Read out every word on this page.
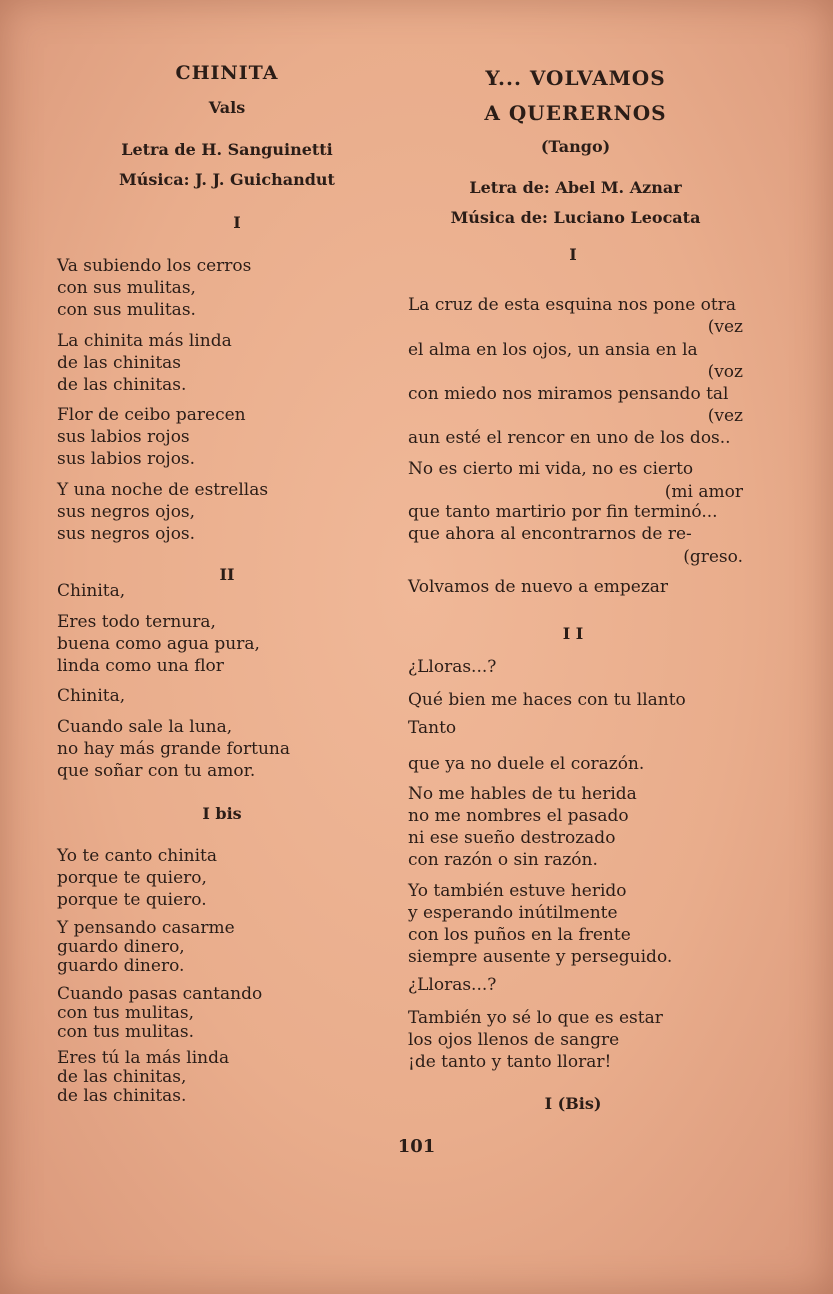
CHINITA
Vals
Letra de H. Sanguinetti
Música: J. J. Guichandut
I
Va subiendo los cerros
con sus mulitas,
con sus mulitas.
La chinita más linda
de las chinitas
de las chinitas.
Flor de ceibo parecen
sus labios rojos
sus labios rojos.
Y una noche de estrellas
sus negros ojos,
sus negros ojos.
II
Chinita,
Eres todo ternura,
buena como agua pura,
linda como una flor
Chinita,
Cuando sale la luna,
no hay más grande fortuna
que soñar con tu amor.
I bis
Yo te canto chinita
porque te quiero,
porque te quiero.
Y pensando casarme
guardo dinero,
guardo dinero.
Cuando pasas cantando
con tus mulitas,
con tus mulitas.
Eres tú la más linda
de las chinitas,
de las chinitas.
Y... VOLVAMOS
A QUERERNOS
(Tango)
Letra de: Abel M. Aznar
Música de: Luciano Leocata
I
La cruz de esta esquina nos pone otra
(vez
el alma en los ojos, un ansia en la
(voz
con miedo nos miramos pensando tal
(vez
aun esté el rencor en uno de los dos..
No es cierto mi vida, no es cierto
(mi amor
que tanto martirio por fin terminó...
que ahora al encontrarnos de re-
(greso.
Volvamos de nuevo a empezar
I I
¿Lloras...?
Qué bien me haces con tu llanto
Tanto
que ya no duele el corazón.
No me hables de tu herida
no me nombres el pasado
ni ese sueño destrozado
con razón o sin razón.
Yo también estuve herido
y esperando inútilmente
con los puños en la frente
siempre ausente y perseguido.
¿Lloras...?
También yo sé lo que es estar
los ojos llenos de sangre
¡de tanto y tanto llorar!
I (Bis)
101
